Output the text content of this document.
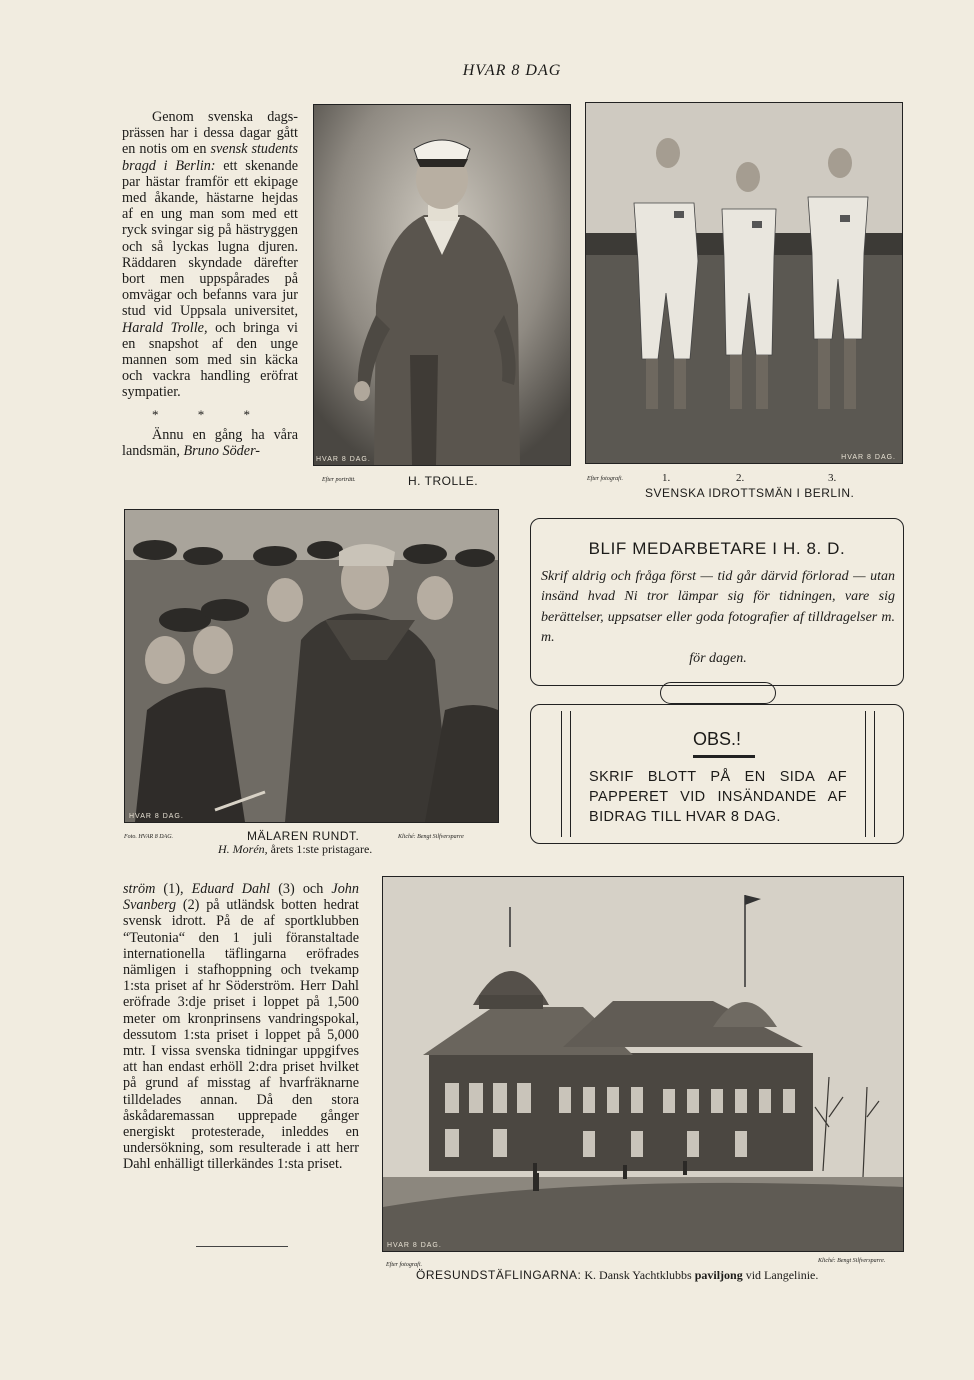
HVAR 8 DAG

Genom svenska dags-prässen har i dessa dagar gått en notis om en svensk students bragd i Berlin: ett skenande par hästar framför ett ekipage med åkande, hästarne hejdas af en ung man som med ett ryck svingar sig på hästryggen och så lyckas lugna djuren. Räddaren skyndade därefter bort men uppspårades på omvägar och befanns vara jur stud vid Uppsala universitet, Harald Trolle, och bringa vi en snapshot af den unge mannen som med sin käcka och vackra handling eröfrat sympatier.

* * *

Ännu en gång ha våra landsmän, Bruno Söder-

HVAR 8 DAG.
Efter porträtt.	H. TROLLE.
HVAR 8 DAG.
Efter fotografi.	1.	2.	3.
SVENSKA IDROTTSMÄN I BERLIN.
HVAR 8 DAG.
Foto. HVAR 8 DAG.	MÄLAREN RUNDT.	Kliché: Bengt Silfversparre
H. Morén, årets 1:ste pristagare.
BLIF MEDARBETARE I H. 8. D.
Skrif aldrig och fråga först — tid går därvid förlorad — utan insänd hvad Ni tror lämpar sig för tidningen, vare sig berättelser, uppsatser eller goda fotografier af tilldragelser m. m.
för dagen.
OBS.!
SKRIF BLOTT PÅ EN SIDA AF PAPPERET VID INSÄNDANDE AF BIDRAG TILL HVAR 8 DAG.

ström (1), Eduard Dahl (3) och John Svanberg (2) på utländsk botten hedrat svensk idrott. På de af sportklubben “Teutonia“ den 1 juli föranstaltade internationella täflingarna eröfrades nämligen i stafhoppning och tvekamp 1:sta priset af hr Söderström. Herr Dahl eröfrade 3:dje priset i loppet på 1,500 meter om kronprinsens vandringspokal, dessutom 1:sta priset i loppet på 5,000 mtr. I vissa svenska tidningar uppgifves att han endast erhöll 2:dra priset hvilket på grund af misstag af hvarfräknarne tilldelades annan. Då den stora åskådaremassan upprepade gånger energiskt protesterade, inleddes en undersökning, som resulterade i att herr Dahl enhälligt tillerkändes 1:sta priset.

HVAR 8 DAG.
Efter fotografi.
Kliché: Bengt Silfversparre.
ÖRESUNDSTÄFLINGARNA: K. Dansk Yachtklubbs paviljong vid Langelinie.
